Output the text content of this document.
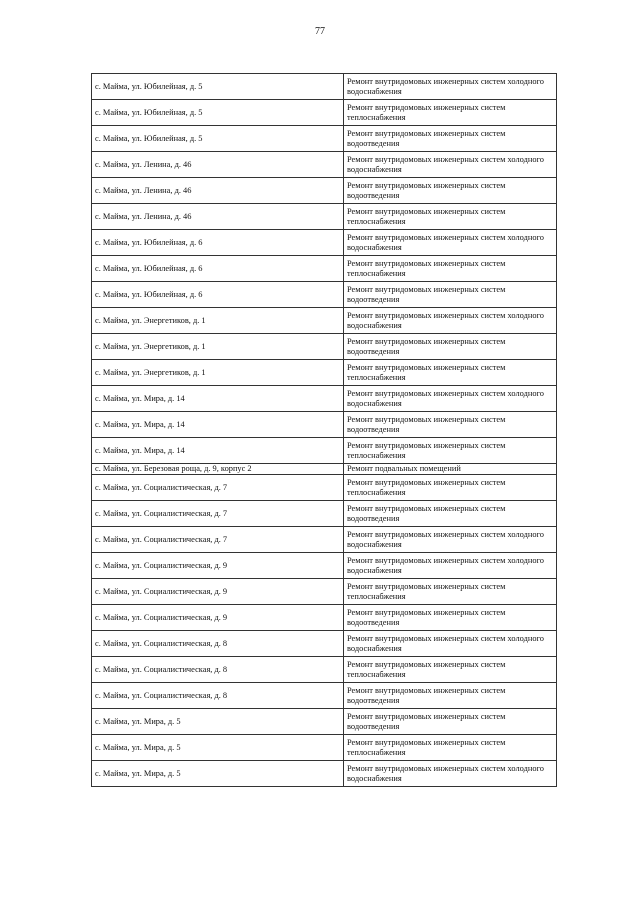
77
с. Майма, ул. Юбилейная, д. 5	Ремонт внутридомовых инженерных систем холодного водоснабжения
с. Майма, ул. Юбилейная, д. 5	Ремонт внутридомовых инженерных систем теплоснабжения
с. Майма, ул. Юбилейная, д. 5	Ремонт внутридомовых инженерных систем водоотведения
с. Майма, ул. Ленина, д. 46	Ремонт внутридомовых инженерных систем холодного водоснабжения
с. Майма, ул. Ленина, д. 46	Ремонт внутридомовых инженерных систем водоотведения
с. Майма, ул. Ленина, д. 46	Ремонт внутридомовых инженерных систем теплоснабжения
с. Майма, ул. Юбилейная, д. 6	Ремонт внутридомовых инженерных систем холодного водоснабжения
с. Майма, ул. Юбилейная, д. 6	Ремонт внутридомовых инженерных систем теплоснабжения
с. Майма, ул. Юбилейная, д. 6	Ремонт внутридомовых инженерных систем водоотведения
с. Майма, ул. Энергетиков, д. 1	Ремонт внутридомовых инженерных систем холодного водоснабжения
с. Майма, ул. Энергетиков, д. 1	Ремонт внутридомовых инженерных систем водоотведения
с. Майма, ул. Энергетиков, д. 1	Ремонт внутридомовых инженерных систем теплоснабжения
с. Майма, ул. Мира, д. 14	Ремонт внутридомовых инженерных систем холодного водоснабжения
с. Майма, ул. Мира, д. 14	Ремонт внутридомовых инженерных систем водоотведения
с. Майма, ул. Мира, д. 14	Ремонт внутридомовых инженерных систем теплоснабжения
с. Майма, ул. Березовая роща, д. 9, корпус 2	Ремонт подвальных помещений
с. Майма, ул. Социалистическая, д. 7	Ремонт внутридомовых инженерных систем теплоснабжения
с. Майма, ул. Социалистическая, д. 7	Ремонт внутридомовых инженерных систем водоотведения
с. Майма, ул. Социалистическая, д. 7	Ремонт внутридомовых инженерных систем холодного водоснабжения
с. Майма, ул. Социалистическая, д. 9	Ремонт внутридомовых инженерных систем холодного водоснабжения
с. Майма, ул. Социалистическая, д. 9	Ремонт внутридомовых инженерных систем теплоснабжения
с. Майма, ул. Социалистическая, д. 9	Ремонт внутридомовых инженерных систем водоотведения
с. Майма, ул. Социалистическая, д. 8	Ремонт внутридомовых инженерных систем холодного водоснабжения
с. Майма, ул. Социалистическая, д. 8	Ремонт внутридомовых инженерных систем теплоснабжения
с. Майма, ул. Социалистическая, д. 8	Ремонт внутридомовых инженерных систем водоотведения
с. Майма, ул. Мира, д. 5	Ремонт внутридомовых инженерных систем водоотведения
с. Майма, ул. Мира, д. 5	Ремонт внутридомовых инженерных систем теплоснабжения
с. Майма, ул. Мира, д. 5	Ремонт внутридомовых инженерных систем холодного водоснабжения
